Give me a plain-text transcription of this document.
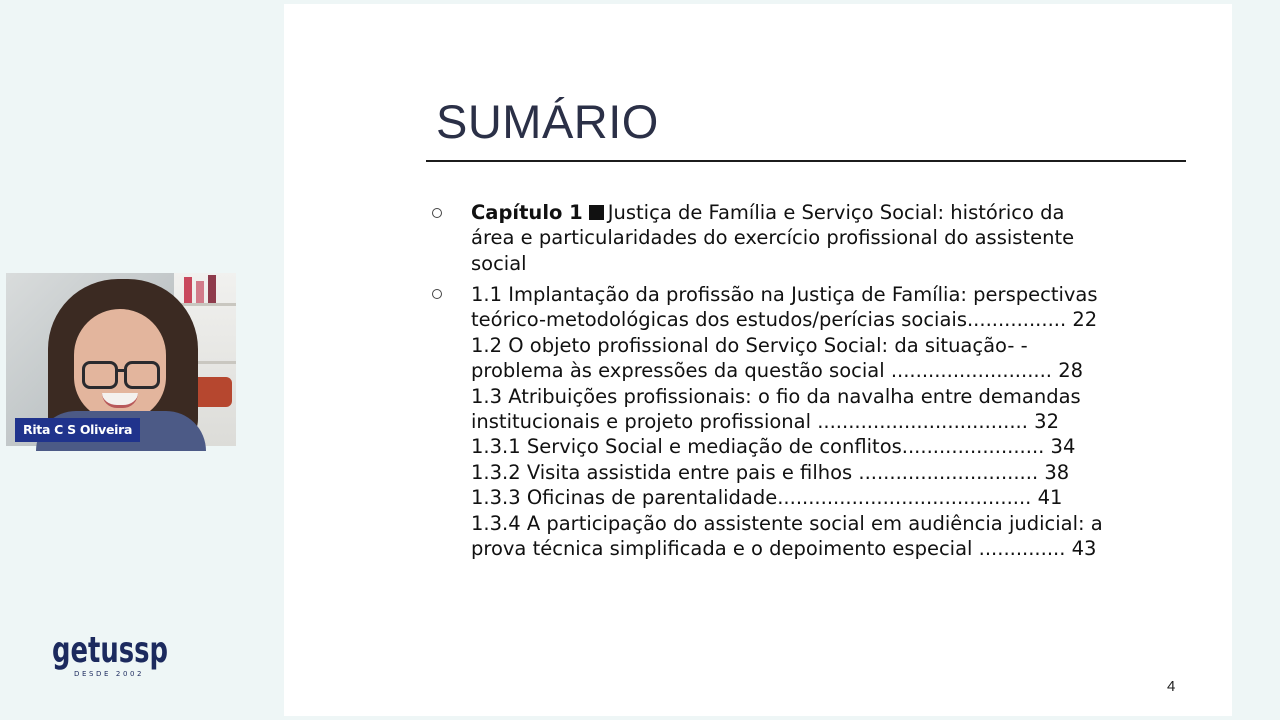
SUMÁRIO
Capítulo 1 Justiça de Família e Serviço Social: histórico da
área e particularidades do exercício profissional do assistente
social
1.1 Implantação da profissão na Justiça de Família: perspectivas
teórico-metodológicas dos estudos/perícias sociais................ 22
1.2 O objeto profissional do Serviço Social: da situação- -
problema às expressões da questão social .......................... 28
1.3 Atribuições profissionais: o fio da navalha entre demandas
institucionais e projeto profissional .................................. 32
1.3.1 Serviço Social e mediação de conflitos....................... 34
1.3.2 Visita assistida entre pais e filhos ............................. 38
1.3.3 Oficinas de parentalidade......................................... 41
1.3.4 A participação do assistente social em audiência judicial: a
prova técnica simplificada e o depoimento especial .............. 43
4
Rita C S Oliveira
getussp
DESDE 2002
